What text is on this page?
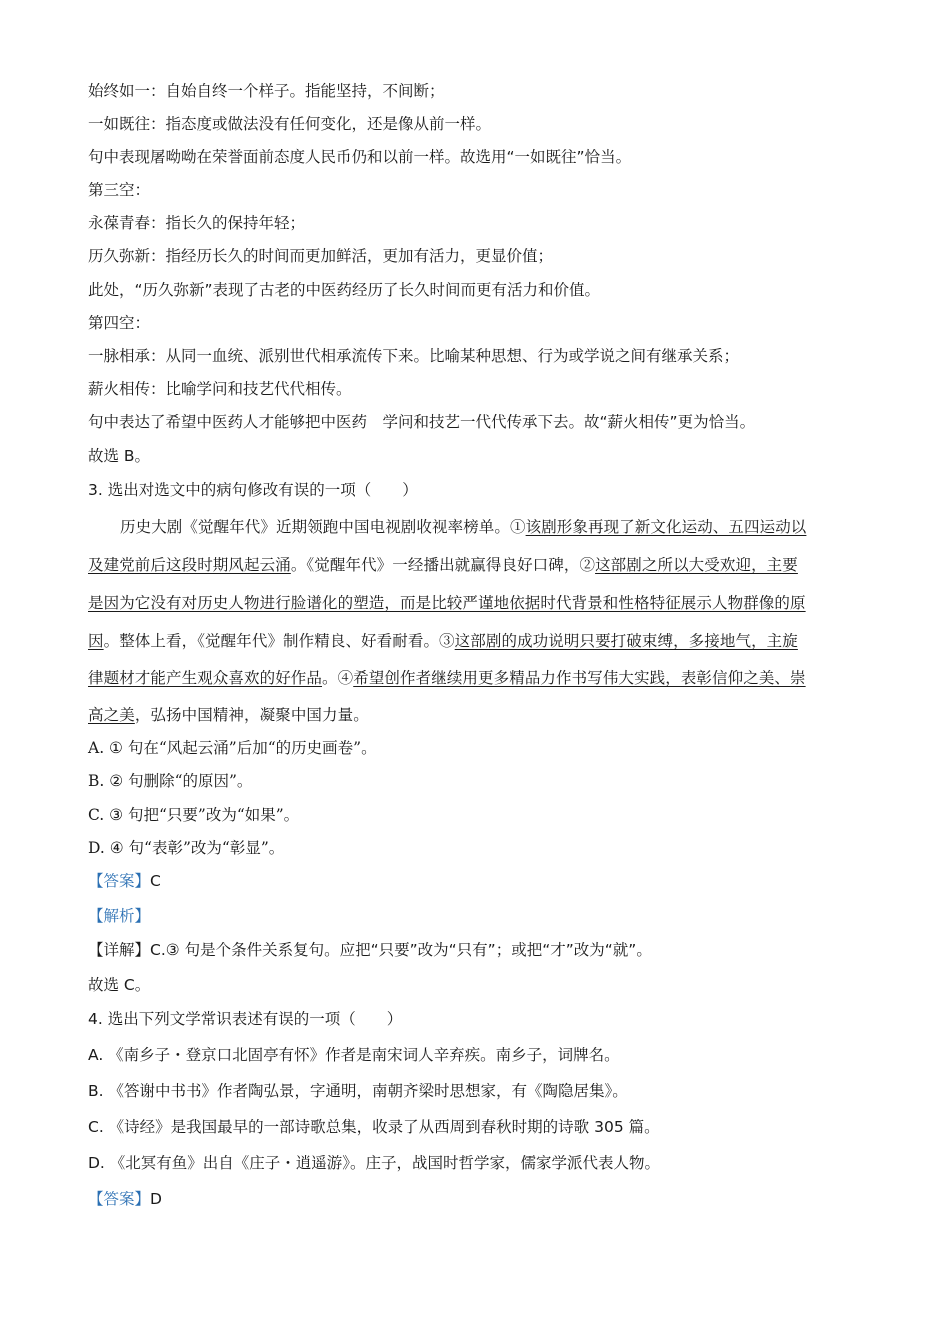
始终如一：自始自终一个样子。指能坚持，不间断；
一如既往：指态度或做法没有任何变化，还是像从前一样。
句中表现屠呦呦在荣誉面前态度人民币仍和以前一样。故选用“一如既往”恰当。
第三空：
永葆青春：指长久的保持年轻；
历久弥新：指经历长久的时间而更加鲜活，更加有活力，更显价值；
此处，“历久弥新”表现了古老的中医药经历了长久时间而更有活力和价值。
第四空：
一脉相承：从同一血统、派别世代相承流传下来。比喻某种思想、行为或学说之间有继承关系；
薪火相传：比喻学问和技艺代代相传。
句中表达了希望中医药人才能够把中医药　学问和技艺一代代传承下去。故“薪火相传”更为恰当。
故选 B。
3. 选出对选文中的病句修改有误的一项（　　）
历史大剧《觉醒年代》近期领跑中国电视剧收视率榜单。①该剧形象再现了新文化运动、五四运动以
及建党前后这段时期风起云涌。《觉醒年代》一经播出就赢得良好口碑，②这部剧之所以大受欢迎，主要
是因为它没有对历史人物进行脸谱化的塑造，而是比较严谨地依据时代背景和性格特征展示人物群像的原
因。整体上看，《觉醒年代》制作精良、好看耐看。③这部剧的成功说明只要打破束缚，多接地气，主旋
律题材才能产生观众喜欢的好作品。④希望创作者继续用更多精品力作书写伟大实践，表彰信仰之美、崇
高之美，弘扬中国精神，凝聚中国力量。
A. ① 句在“风起云涌”后加“的历史画卷”。
B. ② 句删除“的原因”。
C. ③ 句把“只要”改为“如果”。
D. ④ 句“表彰”改为“彰显”。
【答案】C
【解析】
【详解】C.③ 句是个条件关系复句。应把“只要”改为“只有”；或把“才”改为“就”。
故选 C。
4. 选出下列文学常识表述有误的一项（　　）
A. 《南乡子・登京口北固亭有怀》作者是南宋词人辛弃疾。南乡子，词牌名。
B. 《答谢中书书》作者陶弘景，字通明，南朝齐梁时思想家，有《陶隐居集》。
C. 《诗经》是我国最早的一部诗歌总集，收录了从西周到春秋时期的诗歌 305 篇。
D. 《北冥有鱼》出自《庄子・逍遥游》。庄子，战国时哲学家，儒家学派代表人物。
【答案】D
